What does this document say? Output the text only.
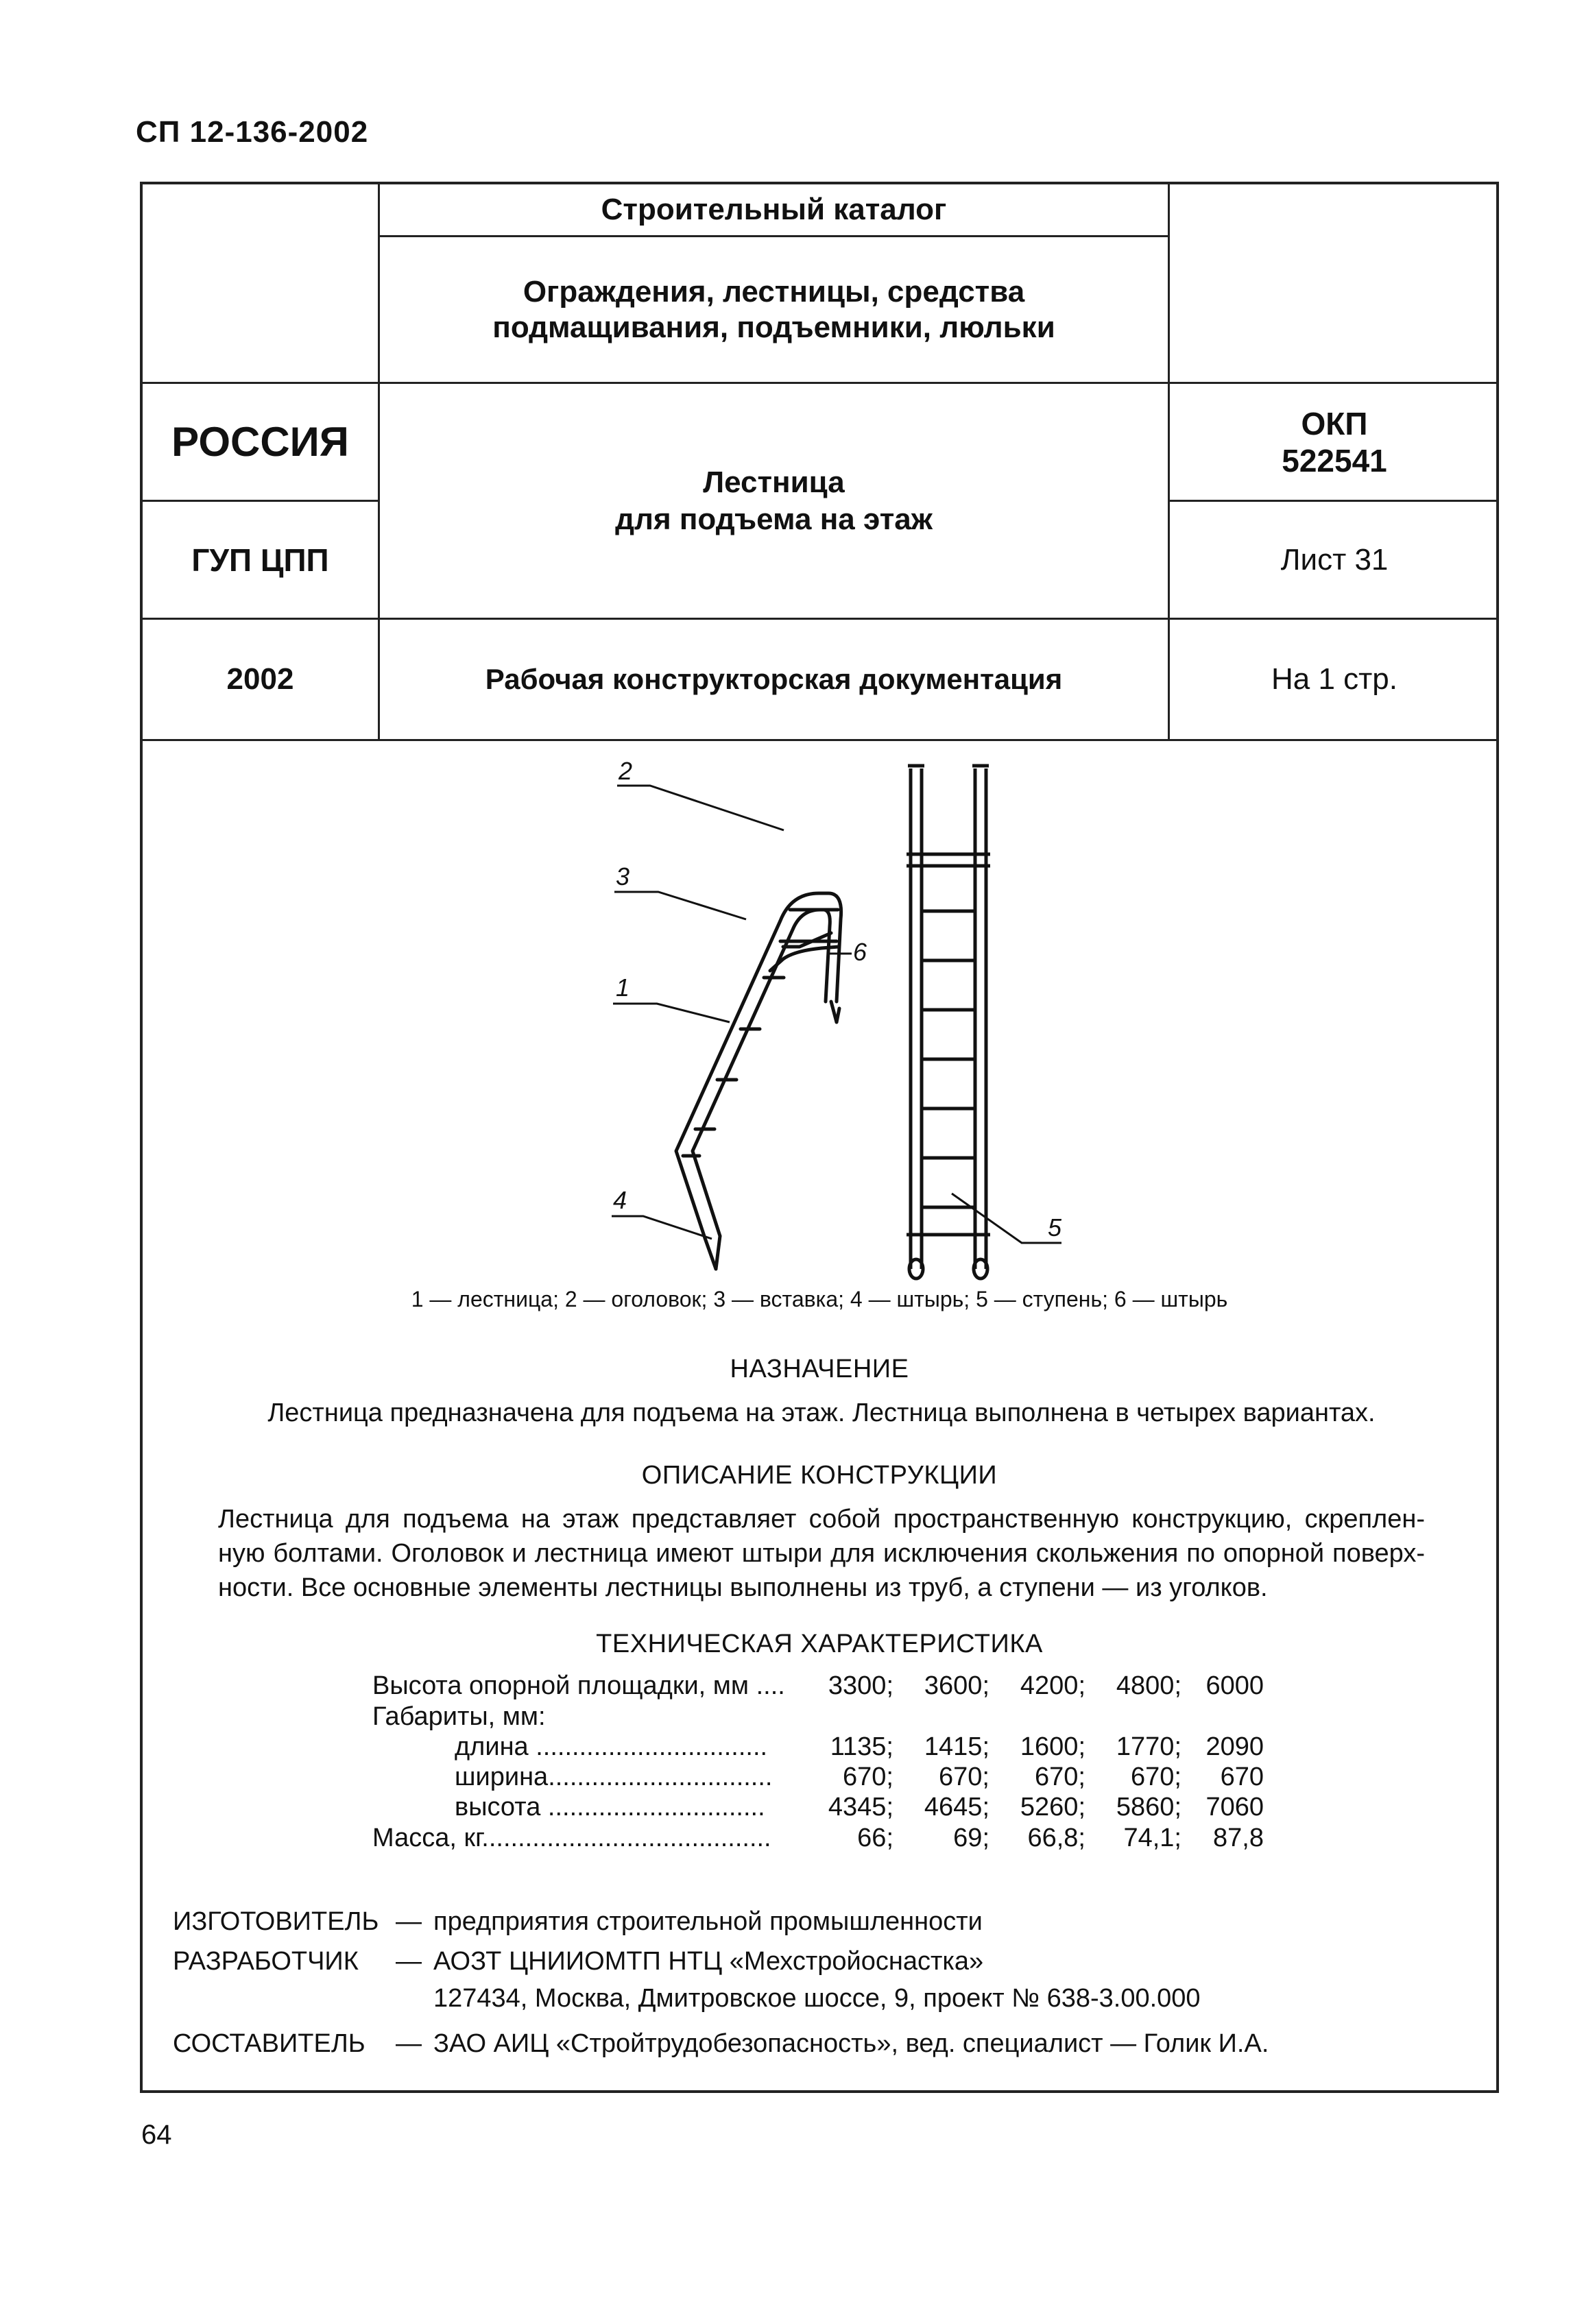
СП 12-136-2002
Строительный каталог
Ограждения, лестницы, средства
подмащивания, подъемники, люльки
РОССИЯ
ГУП ЦПП
2002
Лестница
для подъема на этаж
Рабочая конструкторская документация
ОКП
522541
Лист 31
На 1 стр.
2
3
1
4
5
6
1 — лестница; 2 — оголовок; 3 — вставка; 4 — штырь; 5 — ступень; 6 — штырь
НАЗНАЧЕНИЕ
Лестница предназначена для подъема на этаж. Лестница выполнена в четырех вариантах.
ОПИСАНИЕ КОНСТРУКЦИИ
Лестница для подъема на этаж представляет собой пространственную конструкцию, скреплен-
ную болтами. Оголовок и лестница имеют штыри для исключения скольжения по опорной поверх-
ности. Все основные элементы лестницы выполнены из труб, а ступени — из уголков.
ТЕХНИЧЕСКАЯ ХАРАКТЕРИСТИКА
Высота опорной площадки, мм ....	3300;	3600;	4200;	4800; 6000
Габариты, мм:
длина ................................	1135;	1415;	1600;	1770; 2090
ширина...............................	670;	670;	670;	670;	670
высота ..............................	4345;	4645;	5260;	5860; 7060
Масса, кг........................................	66;	69;	66,8;	74,1;	87,8
ИЗГОТОВИТЕЛЬ — предприятия строительной промышленности
РАЗРАБОТЧИК — АОЗТ ЦНИИОМТП НТЦ «Мехстройоснастка»
127434, Москва, Дмитровское шоссе, 9, проект № 638-3.00.000
СОСТАВИТЕЛЬ — ЗАО АИЦ «Стройтрудобезопасность», вед. специалист — Голик И.А.
64
